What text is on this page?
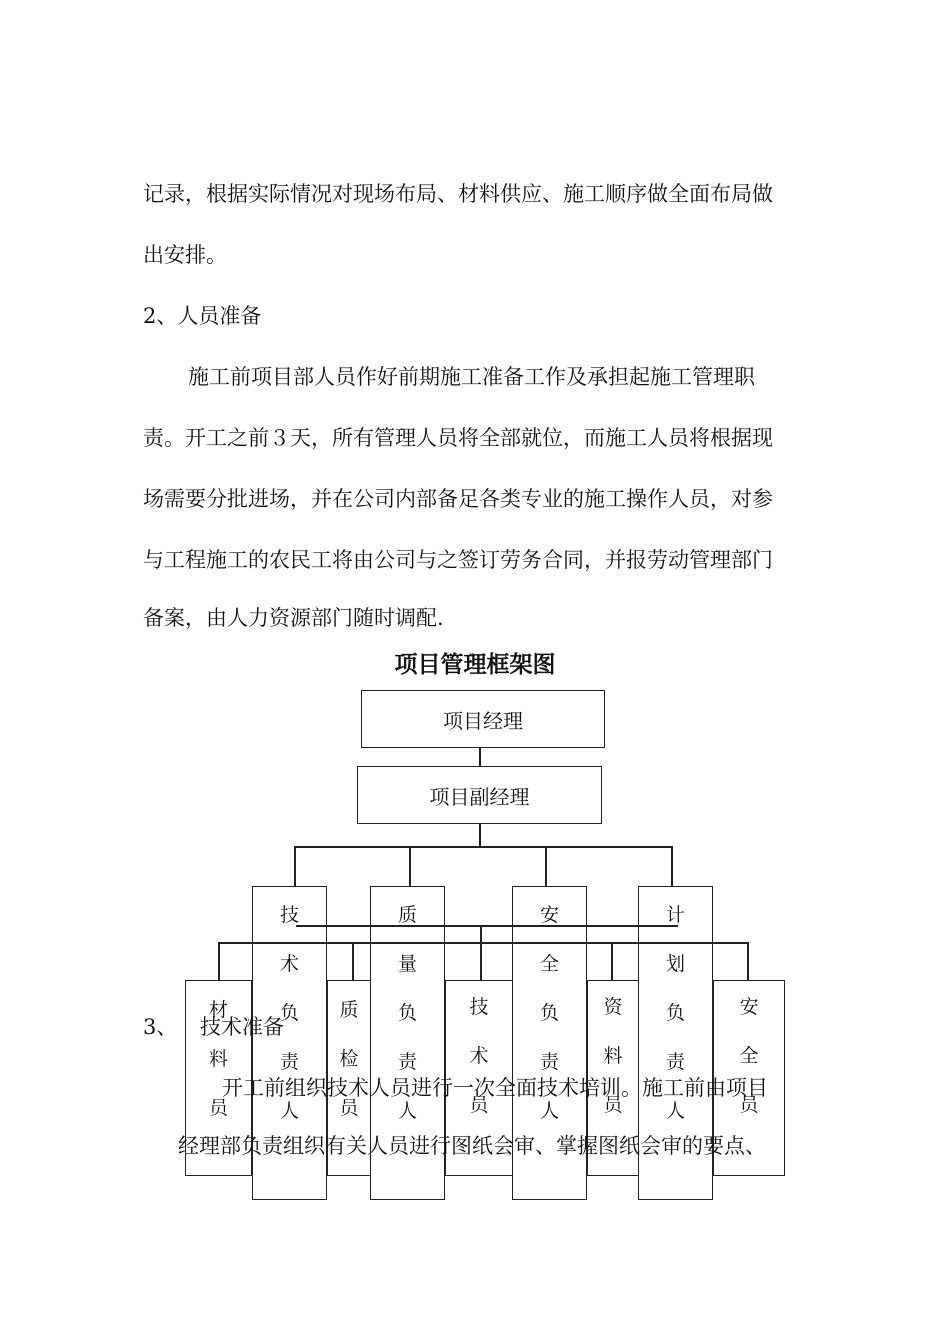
记录，根据实际情况对现场布局、材料供应、施工顺序做全面布局做
出安排。
2、人员准备
施工前项目部人员作好前期施工准备工作及承担起施工管理职
责。开工之前３天，所有管理人员将全部就位，而施工人员将根据现
场需要分批进场，并在公司内部备足各类专业的施工操作人员，对参
与工程施工的农民工将由公司与之签订劳务合同，并报劳动管理部门
备案，由人力资源部门随时调配.
项目管理框架图
项目经理
项目副经理
材
料
员
质
检
员
技
术
员
资
料
员
安
全
员
技
术
负
责
人
质
量
负
责
人
安
全
负
责
人
计
划
负
责
人
3、 技术准备
开工前组织技术人员进行一次全面技术培训。施工前由项目
经理部负责组织有关人员进行图纸会审、掌握图纸会审的要点、
